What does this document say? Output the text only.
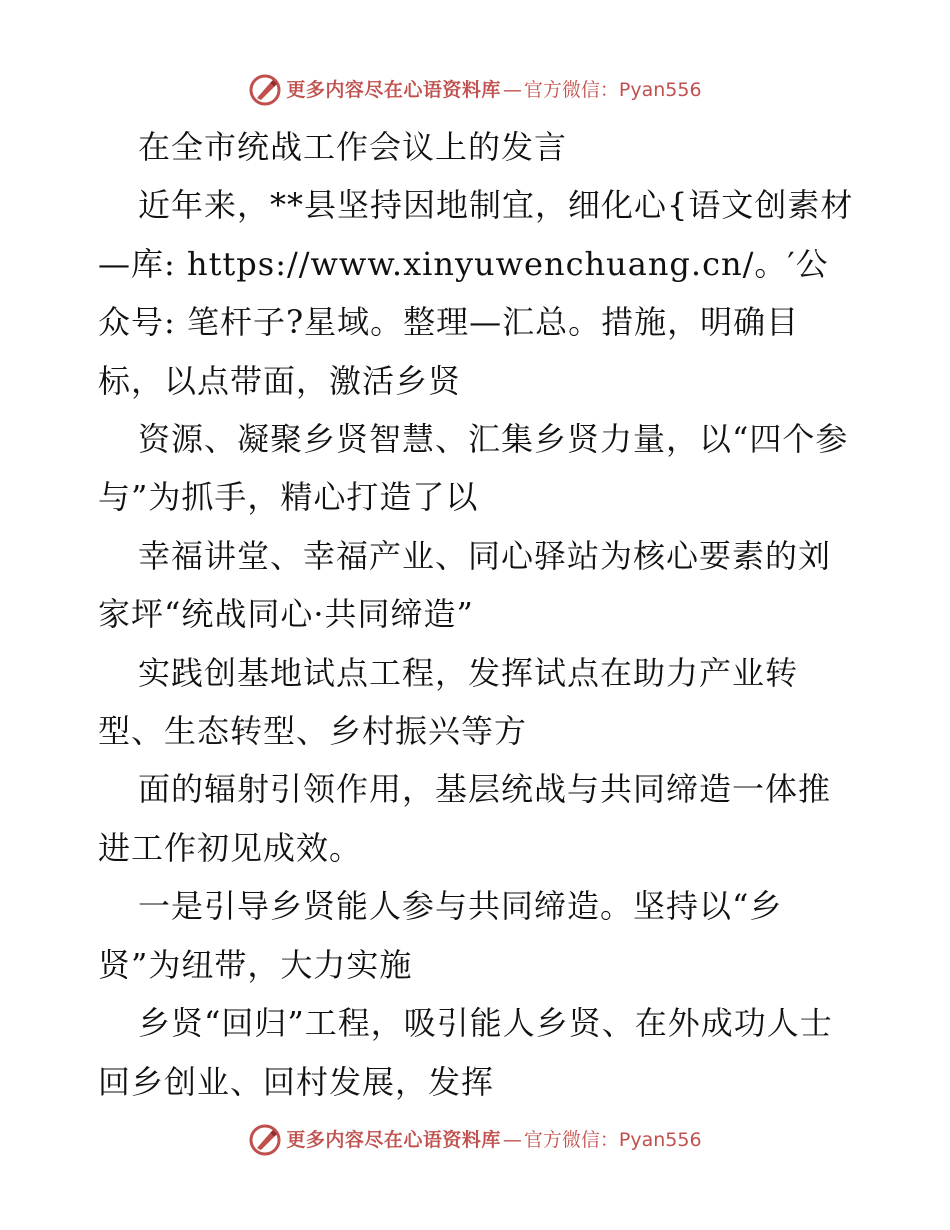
更多内容尽在心语资料库 — 官方微信：Pyan556

在全市统战工作会议上的发言

近年来，**县坚持因地制宜，细化心{语文创素材—库: https://www.xinyuwenchuang.cn/。′公众号: 笔杆子?星域。整理—汇总。措施，明确目标，以点带面，激活乡贤

资源、凝聚乡贤智慧、汇集乡贤力量，以“四个参与”为抓手，精心打造了以

幸福讲堂、幸福产业、同心驿站为核心要素的刘家坪“统战同心·共同缔造”

实践创基地试点工程，发挥试点在助力产业转型、生态转型、乡村振兴等方

面的辐射引领作用，基层统战与共同缔造一体推进工作初见成效。

一是引导乡贤能人参与共同缔造。坚持以“乡贤”为纽带，大力实施

乡贤“回归”工程，吸引能人乡贤、在外成功人士回乡创业、回村发展，发挥

更多内容尽在心语资料库 — 官方微信：Pyan556
